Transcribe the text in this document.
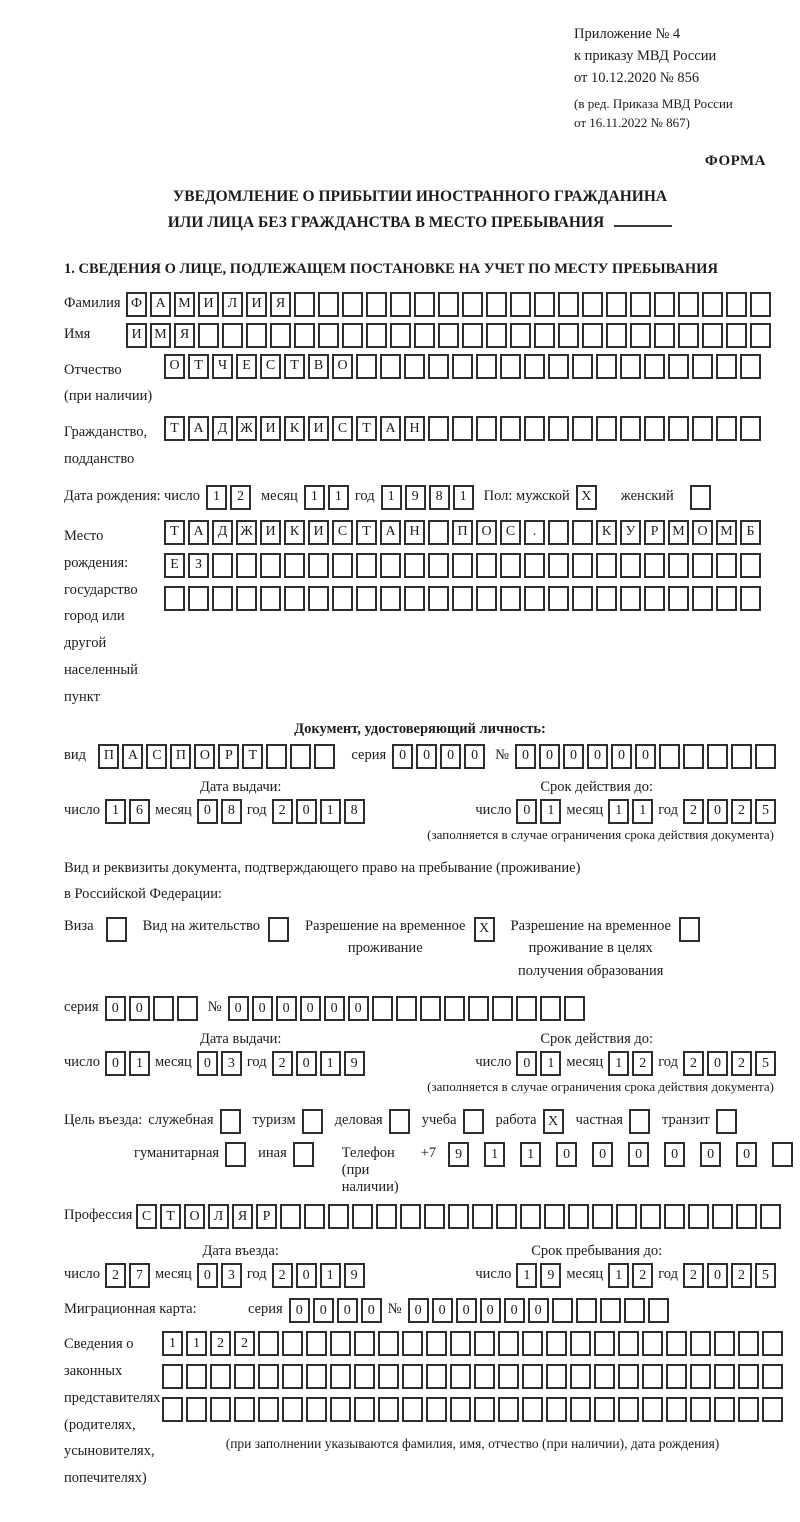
Приложение № 4
к приказу МВД России
от 10.12.2020 № 856
(в ред. Приказа МВД России
от 16.11.2022 № 867)
ФОРМА
УВЕДОМЛЕНИЕ О ПРИБЫТИИ ИНОСТРАННОГО ГРАЖДАНИНА
ИЛИ ЛИЦА БЕЗ ГРАЖДАНСТВА В МЕСТО ПРЕБЫВАНИЯ
1. СВЕДЕНИЯ О ЛИЦЕ, ПОДЛЕЖАЩЕМ ПОСТАНОВКЕ НА УЧЕТ ПО МЕСТУ ПРЕБЫВАНИЯ
Фамилия Ф А М И	Л	И	Я
Имя	И М Я
Отчество
(при наличии)
О	Т	Ч	Е	С	Т	В	О
Гражданство,
подданство
Т	А	Д Ж И	К	И	С	Т	А Н
Дата рождения: число 1	2	месяц 1	1 год 1	9	8	1	Пол: мужской X	женский
Место рождения:
государство
город или другой
населенный пункт
Т	А	Д Ж И	К	И	С	Т	А Н	П О	С	.	К	У	Р М О М Б
Е	З
Документ, удостоверяющий личность:
вид	П А	С	П О	Р	Т	серия 0	0	0	0	№ 0	0	0	0	0	0
Дата выдачи:
число 1	6 месяц 0	8 год 2	0	1	8
Срок действия до:
число 0	1 месяц 1	1 год 2	0	2	5
(заполняется в случае ограничения срока действия документа)
Вид и реквизиты документа, подтверждающего право на пребывание (проживание)
в Российской Федерации:
Виза	Вид на жительство	Разрешение на временное
проживание
X	Разрешение на временное
проживание в целях
получения образования
серия 0	0	№ 0	0	0	0	0	0
Дата выдачи:
число 0	1 месяц 0	3 год 2	0	1	9
Срок действия до:
число 0	1 месяц 1	2 год 2	0	2	5
(заполняется в случае ограничения срока действия документа)
Цель въезда: служебная	туризм	деловая	учеба	работа X	частная	транзит
гуманитарная	иная	Телефон (при наличии)
+7	9	1	1	0	0	0	0	0	0
Профессия С	Т	О	Л	Я	Р
Дата въезда:
число 2	7 месяц 0	3 год 2	0	1	9
Срок пребывания до:
число 1	9 месяц 1	2 год 2	0	2	5
Миграционная карта:	серия 0	0	0	0 № 0	0	0	0	0	0
Сведения о
законных
представителях
(родителях,
усыновителях,
попечителях)
1	1	2	2
(при заполнении указываются фамилия, имя, отчество (при наличии), дата рождения)
